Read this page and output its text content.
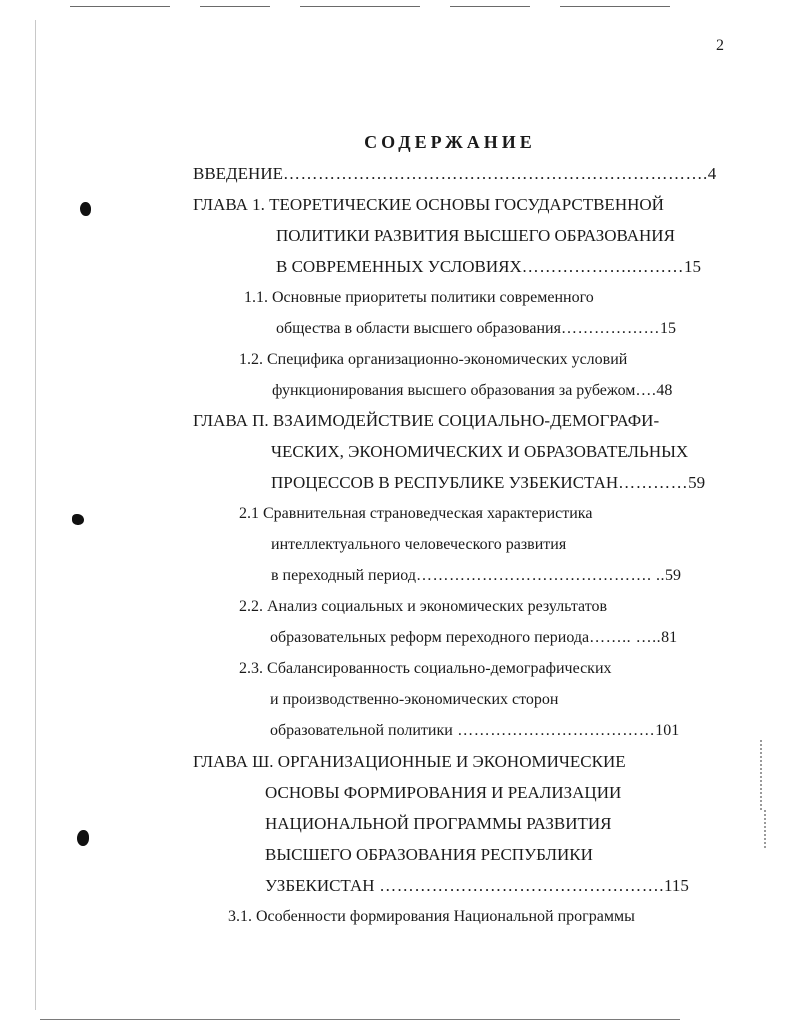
2
СОДЕРЖАНИЕ
ВВЕДЕНИЕ……………………………………………………………….4
ГЛАВА 1. ТЕОРЕТИЧЕСКИЕ ОСНОВЫ ГОСУДАРСТВЕННОЙ
ПОЛИТИКИ РАЗВИТИЯ ВЫСШЕГО ОБРАЗОВАНИЯ
В СОВРЕМЕННЫХ УСЛОВИЯХ……………….………15
1.1. Основные приоритеты политики современного
общества в области высшего образования………………15
1.2. Специфика организационно-экономических условий
функционирования высшего образования за рубежом….48
ГЛАВА П. ВЗАИМОДЕЙСТВИЕ СОЦИАЛЬНО-ДЕМОГРАФИ-
ЧЕСКИХ, ЭКОНОМИЧЕСКИХ И ОБРАЗОВАТЕЛЬНЫХ
ПРОЦЕССОВ В РЕСПУБЛИКЕ УЗБЕКИСТАН…………59
2.1 Сравнительная страноведческая характеристика
интеллектуального человеческого развития
в переходный период……………………………………. ..59
2.2. Анализ социальных и экономических результатов
образовательных реформ переходного периода…….. …..81
2.3. Сбалансированность социально-демографических
и производственно-экономических сторон
образовательной политики ………………………………101
ГЛАВА Ш. ОРГАНИЗАЦИОННЫЕ И ЭКОНОМИЧЕСКИЕ
ОСНОВЫ ФОРМИРОВАНИЯ И РЕАЛИЗАЦИИ
НАЦИОНАЛЬНОЙ ПРОГРАММЫ РАЗВИТИЯ
ВЫСШЕГО ОБРАЗОВАНИЯ РЕСПУБЛИКИ
УЗБЕКИСТАН ………………………………………….115
3.1. Особенности формирования Национальной программы
